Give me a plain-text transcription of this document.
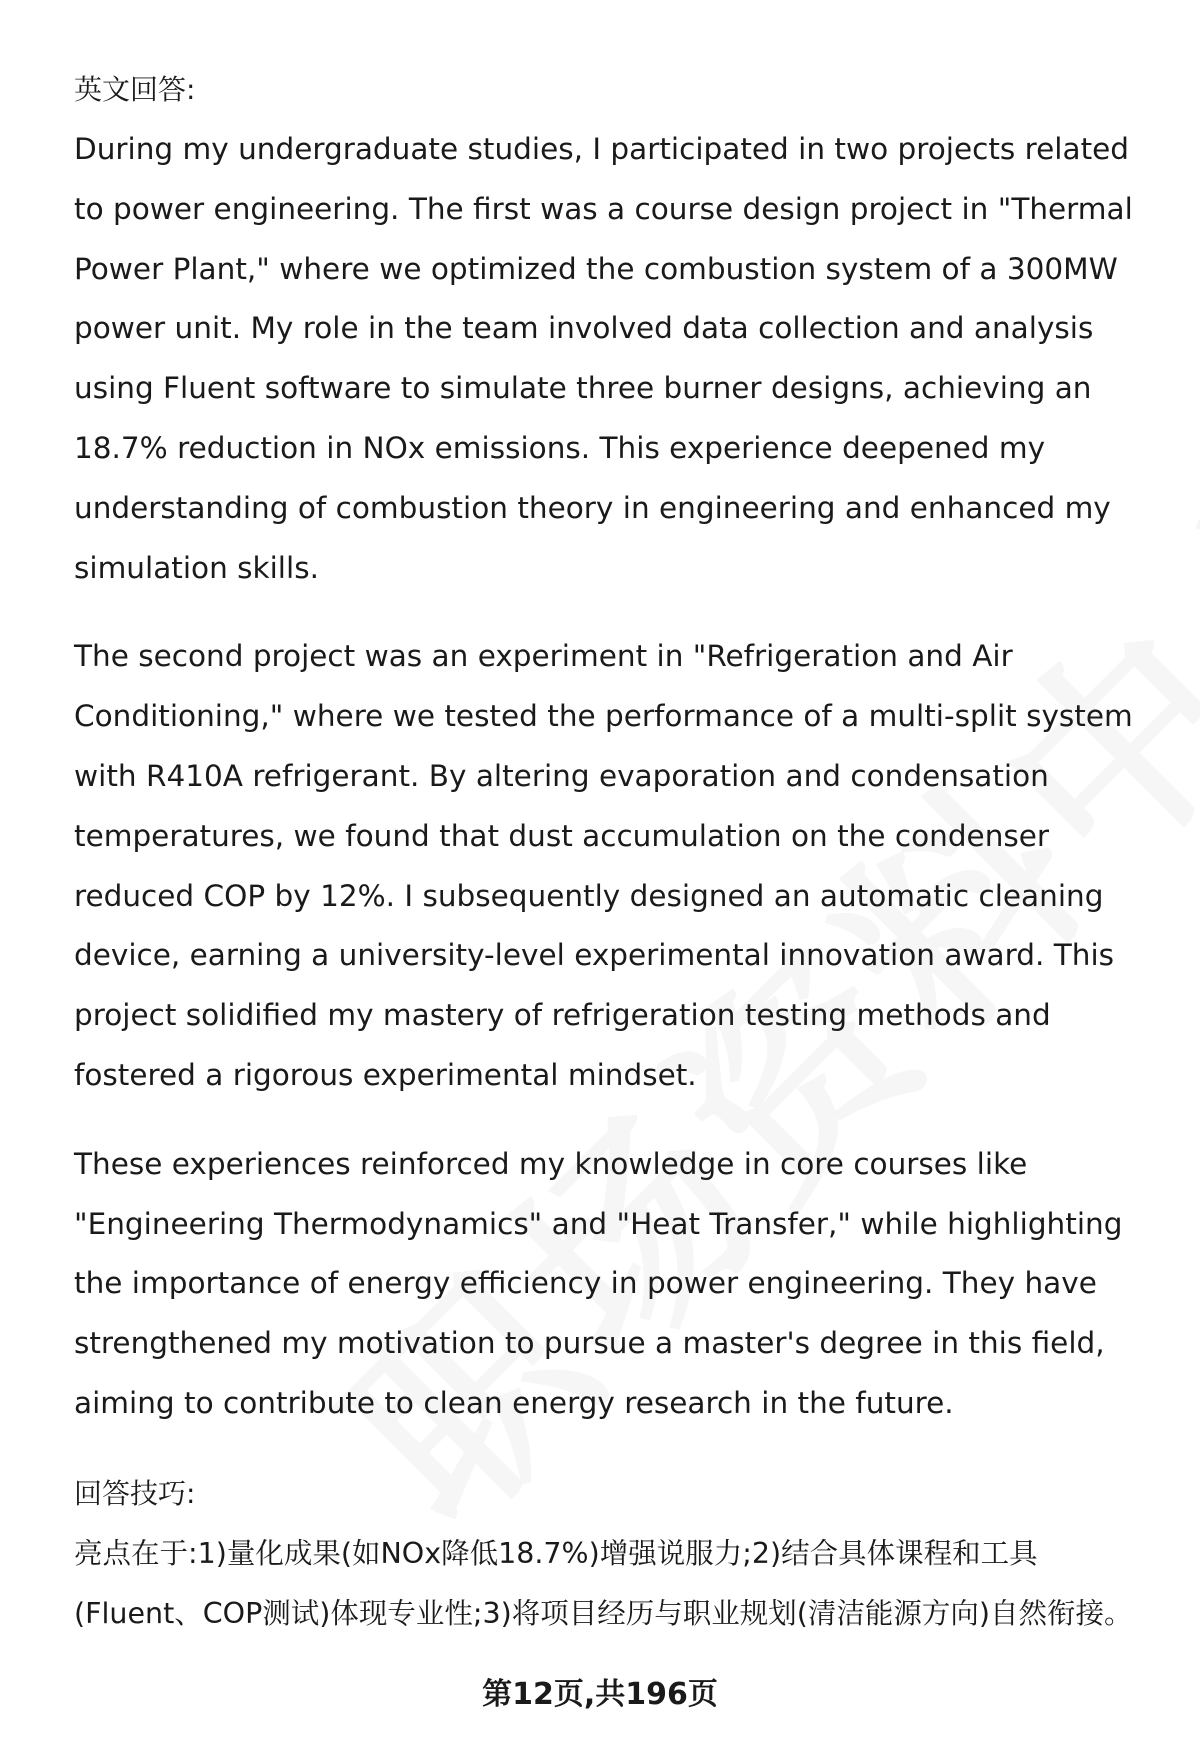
英文回答:

During my undergraduate studies, I participated in two projects related to power engineering. The first was a course design project in "Thermal Power Plant," where we optimized the combustion system of a 300MW power unit. My role in the team involved data collection and analysis using Fluent software to simulate three burner designs, achieving an 18.7% reduction in NOx emissions. This experience deepened my understanding of combustion theory in engineering and enhanced my simulation skills.

The second project was an experiment in "Refrigeration and Air Conditioning," where we tested the performance of a multi-split system with R410A refrigerant. By altering evaporation and condensation temperatures, we found that dust accumulation on the condenser reduced COP by 12%. I subsequently designed an automatic cleaning device, earning a university-level experimental innovation award. This project solidified my mastery of refrigeration testing methods and fostered a rigorous experimental mindset.

These experiences reinforced my knowledge in core courses like "Engineering Thermodynamics" and "Heat Transfer," while highlighting the importance of energy efficiency in power engineering. They have strengthened my motivation to pursue a master's degree in this field, aiming to contribute to clean energy research in the future.

回答技巧:

亮点在于:1)量化成果(如NOx降低18.7%)增强说服力;2)结合具体课程和工具(Fluent、COP测试)体现专业性;3)将项目经历与职业规划(清洁能源方向)自然衔接。

第12页,共196页
